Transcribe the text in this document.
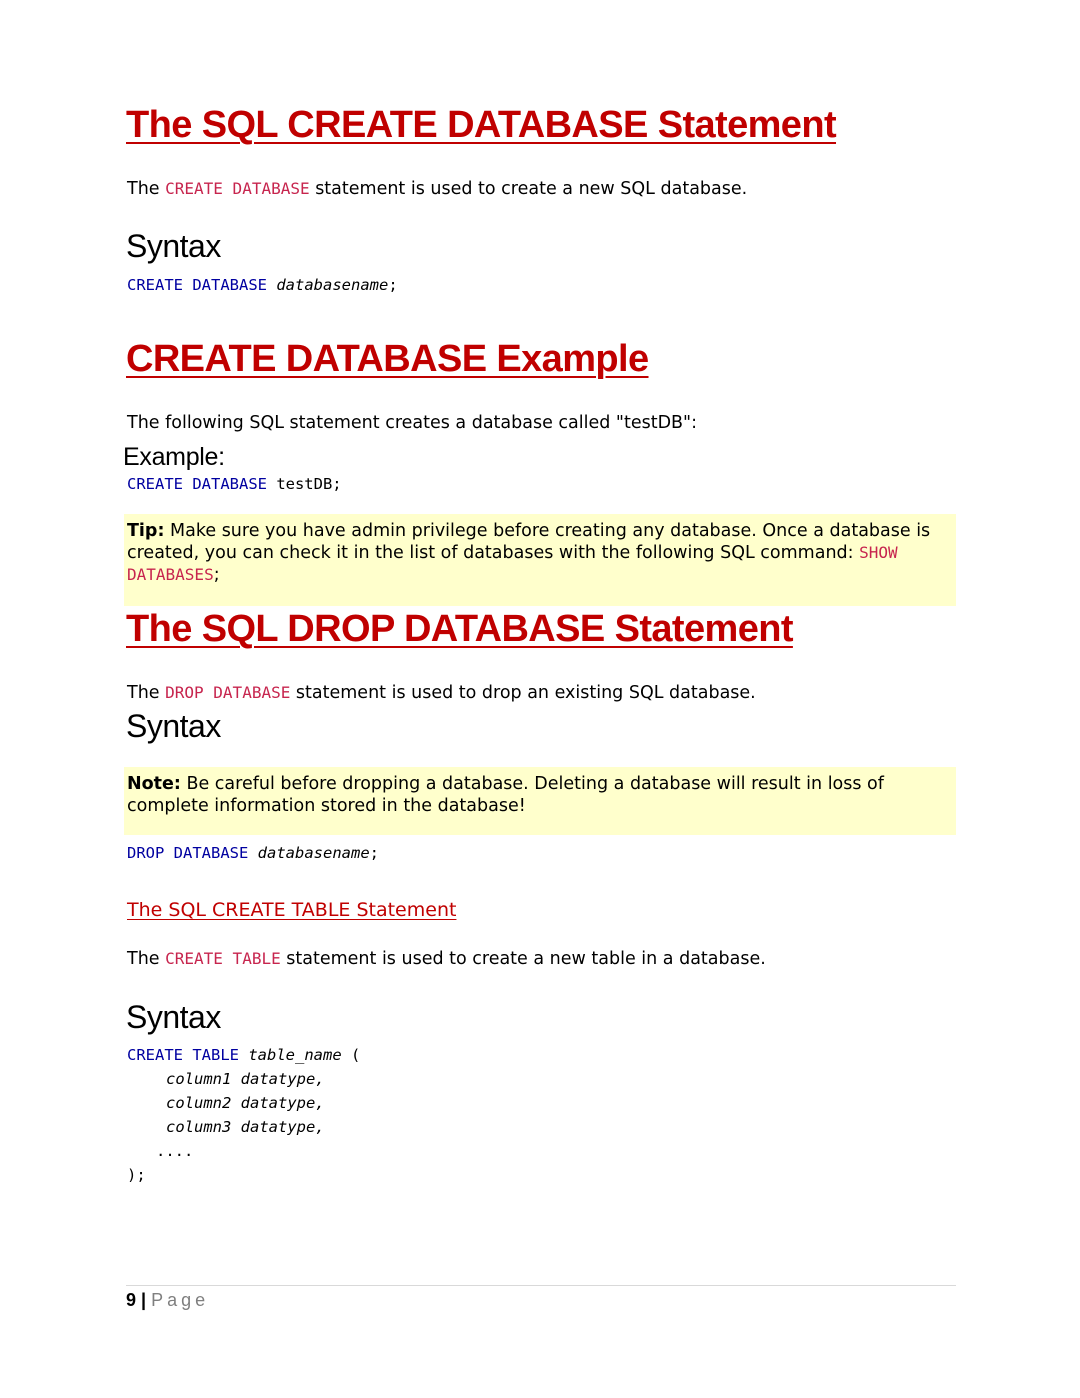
The SQL CREATE DATABASE Statement
The CREATE DATABASE statement is used to create a new SQL database.
Syntax
CREATE DATABASE databasename;
CREATE DATABASE Example
The following SQL statement creates a database called "testDB":
Example:
CREATE DATABASE testDB;
Tip: Make sure you have admin privilege before creating any database. Once a database is
created, you can check it in the list of databases with the following SQL command: SHOW
DATABASES;
The SQL DROP DATABASE Statement
The DROP DATABASE statement is used to drop an existing SQL database.
Syntax
Note: Be careful before dropping a database. Deleting a database will result in loss of
complete information stored in the database!
DROP DATABASE databasename;
The SQL CREATE TABLE Statement
The CREATE TABLE statement is used to create a new table in a database.
Syntax
CREATE TABLE table_name (
column1 datatype,
column2 datatype,
column3 datatype,
....
);
9 | Page
